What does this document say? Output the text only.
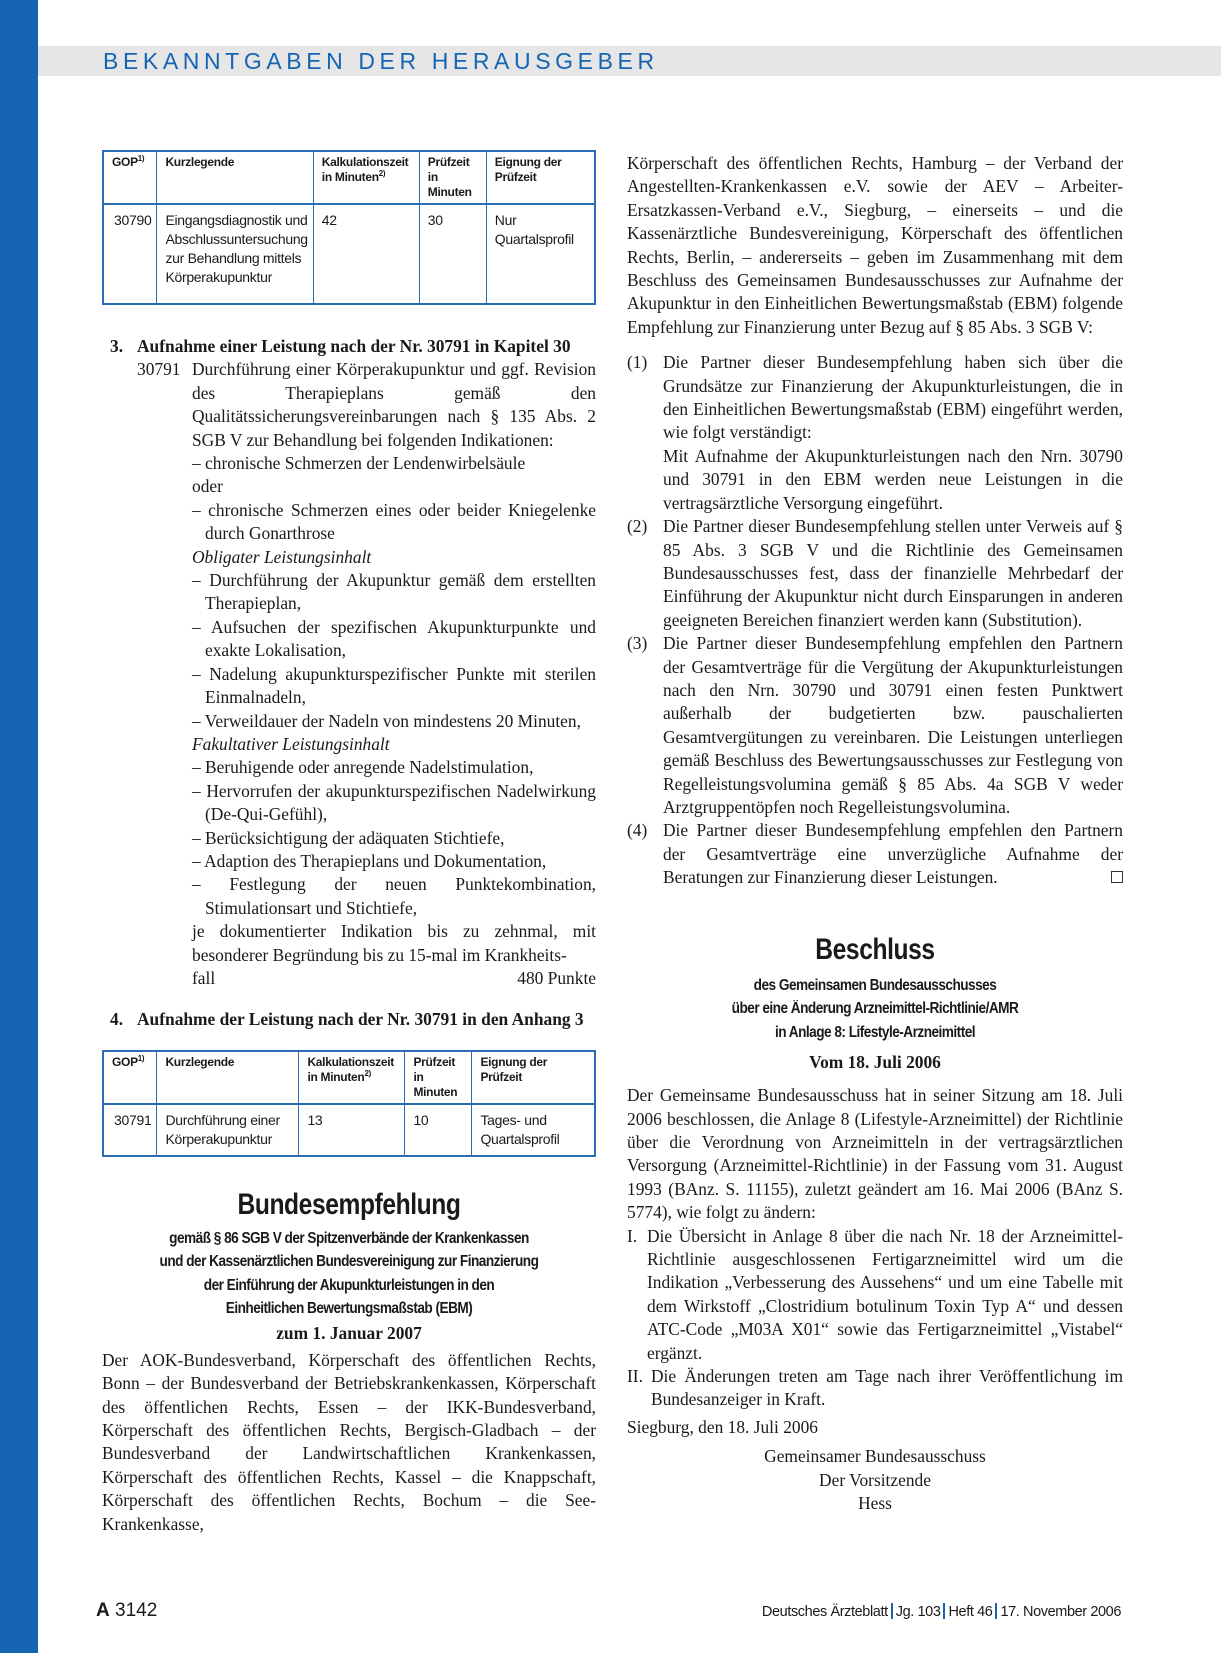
BEKANNTGABEN DER HERAUSGEBER
GOP$^{1)}$	Kurzlegende	Kalkulationszeit in Minuten$^{2)}$	Prüfzeit in Minuten	Eignung der Prüfzeit
30790	Eingangsdiagnostik und Abschlussuntersuchung zur Behandlung mittels Körperakupunktur	42	30	Nur Quartalsprofil
3. Aufnahme einer Leistung nach der Nr. 30791 in Kapitel 30
30791 Durchführung einer Körperakupunktur und ggf. Revision des Therapieplans gemäß den Qualitätssicherungsvereinbarungen nach § 135 Abs. 2 SGB V zur Behandlung bei folgenden Indikationen:
– chronische Schmerzen der Lendenwirbelsäule
oder
– chronische Schmerzen eines oder beider Kniegelenke durch Gonarthrose
Obligater Leistungsinhalt
– Durchführung der Akupunktur gemäß dem erstellten Therapieplan,
– Aufsuchen der spezifischen Akupunkturpunkte und exakte Lokalisation,
– Nadelung akupunkturspezifischer Punkte mit sterilen Einmalnadeln,
– Verweildauer der Nadeln von mindestens 20 Minuten,
Fakultativer Leistungsinhalt
– Beruhigende oder anregende Nadelstimulation,
– Hervorrufen der akupunkturspezifischen Nadelwirkung (De-Qui-Gefühl),
– Berücksichtigung der adäquaten Stichtiefe,
– Adaption des Therapieplans und Dokumentation,
– Festlegung der neuen Punktekombination, Stimulationsart und Stichtiefe,
je dokumentierter Indikation bis zu zehnmal, mit besonderer Begründung bis zu 15-mal im Krankheits-
fall	480 Punkte
4. Aufnahme der Leistung nach der Nr. 30791 in den Anhang 3
GOP$^{1)}$	Kurzlegende	Kalkulationszeit in Minuten$^{2)}$	Prüfzeit in Minuten	Eignung der Prüfzeit
30791	Durchführung einer Körperakupunktur	13	10	Tages- und Quartalsprofil
Bundesempfehlung
gemäß § 86 SGB V der Spitzenverbände der Krankenkassen
und der Kassenärztlichen Bundesvereinigung zur Finanzierung
der Einführung der Akupunkturleistungen in den
Einheitlichen Bewertungsmaßstab (EBM)
zum 1. Januar 2007
Der AOK-Bundesverband, Körperschaft des öffentlichen Rechts, Bonn – der Bundesverband der Betriebskrankenkassen, Körperschaft des öffentlichen Rechts, Essen – der IKK-Bundesverband, Körperschaft des öffentlichen Rechts, Bergisch-Gladbach – der Bundesverband der Landwirtschaftlichen Krankenkassen, Körperschaft des öffentlichen Rechts, Kassel – die Knappschaft, Körperschaft des öffentlichen Rechts, Bochum – die See-Krankenkasse,
Körperschaft des öffentlichen Rechts, Hamburg – der Verband der Angestellten-Krankenkassen e.V. sowie der AEV – Arbeiter-Ersatzkassen-Verband e.V., Siegburg, – einerseits – und die Kassenärztliche Bundesvereinigung, Körperschaft des öffentlichen Rechts, Berlin, – andererseits – geben im Zusammenhang mit dem Beschluss des Gemeinsamen Bundesausschusses zur Aufnahme der Akupunktur in den Einheitlichen Bewertungsmaßstab (EBM) folgende Empfehlung zur Finanzierung unter Bezug auf § 85 Abs. 3 SGB V:
(1) Die Partner dieser Bundesempfehlung haben sich über die Grundsätze zur Finanzierung der Akupunkturleistungen, die in den Einheitlichen Bewertungsmaßstab (EBM) eingeführt werden, wie folgt verständigt:
Mit Aufnahme der Akupunkturleistungen nach den Nrn. 30790 und 30791 in den EBM werden neue Leistungen in die vertragsärztliche Versorgung eingeführt.
(2) Die Partner dieser Bundesempfehlung stellen unter Verweis auf § 85 Abs. 3 SGB V und die Richtlinie des Gemeinsamen Bundesausschusses fest, dass der finanzielle Mehrbedarf der Einführung der Akupunktur nicht durch Einsparungen in anderen geeigneten Bereichen finanziert werden kann (Substitution).
(3) Die Partner dieser Bundesempfehlung empfehlen den Partnern der Gesamtverträge für die Vergütung der Akupunkturleistungen nach den Nrn. 30790 und 30791 einen festen Punktwert außerhalb der budgetierten bzw. pauschalierten Gesamtvergütungen zu vereinbaren. Die Leistungen unterliegen gemäß Beschluss des Bewertungsausschusses zur Festlegung von Regelleistungsvolumina gemäß § 85 Abs. 4a SGB V weder Arztgruppentöpfen noch Regelleistungsvolumina.
(4) Die Partner dieser Bundesempfehlung empfehlen den Partnern der Gesamtverträge eine unverzügliche Aufnahme der Beratungen zur Finanzierung dieser Leistungen.
Beschluss
des Gemeinsamen Bundesausschusses
über eine Änderung Arzneimittel-Richtlinie/AMR
in Anlage 8: Lifestyle-Arzneimittel
Vom 18. Juli 2006
Der Gemeinsame Bundesausschuss hat in seiner Sitzung am 18. Juli 2006 beschlossen, die Anlage 8 (Lifestyle-Arzneimittel) der Richtlinie über die Verordnung von Arzneimitteln in der vertragsärztlichen Versorgung (Arzneimittel-Richtlinie) in der Fassung vom 31. August 1993 (BAnz. S. 11155), zuletzt geändert am 16. Mai 2006 (BAnz S. 5774), wie folgt zu ändern:
I. Die Übersicht in Anlage 8 über die nach Nr. 18 der Arzneimittel-Richtlinie ausgeschlossenen Fertigarzneimittel wird um die Indikation „Verbesserung des Aussehens“ und um eine Tabelle mit dem Wirkstoff „Clostridium botulinum Toxin Typ A“ und dessen ATC-Code „M03A X01“ sowie das Fertigarzneimittel „Vistabel“ ergänzt.
II. Die Änderungen treten am Tage nach ihrer Veröffentlichung im Bundesanzeiger in Kraft.
Siegburg, den 18. Juli 2006
Gemeinsamer Bundesausschuss
Der Vorsitzende
Hess
A 3142	Deutsches Ärzteblatt Jg. 103 Heft 46 17. November 2006
